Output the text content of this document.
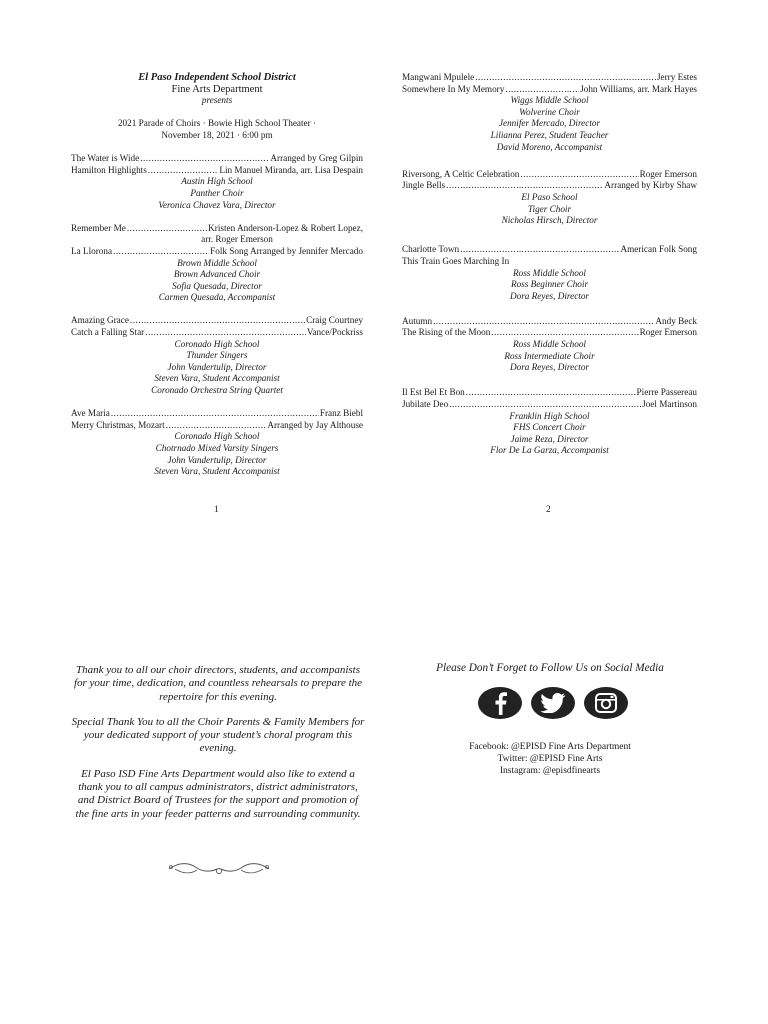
El Paso Independent School District
Fine Arts Department
presents
2021 Parade of Choirs · Bowie High School Theater ·
November 18, 2021 · 6:00 pm
The Water is Wide .....	Arranged by Greg Gilpin
Hamilton Highlights .....	Lin Manuel Miranda, arr. Lisa Despain
Austin High School
Panther Choir
Veronica Chavez Vara, Director
Remember Me .....	Kristen Anderson-Lopez & Robert Lopez,
arr. Roger Emerson
La Llorona .....	Folk Song Arranged by Jennifer Mercado
Brown Middle School
Brown Advanced Choir
Sofia Quesada, Director
Carmen Quesada, Accompanist
Amazing Grace .....	Craig Courtney
Catch a Falling Star .....	Vance/Pockriss
Coronado High School
Thunder Singers
John Vandertulip, Director
Steven Vara, Student Accompanist
Coronado Orchestra String Quartet
Ave Maria .....	Franz Biebl
Merry Christmas, Mozart .....	Arranged by Jay Althouse
Coronado High School
Chotrnado Mixed Varsity Singers
John Vandertulip, Director
Steven Vara, Student Accompanist
1
Mangwani Mpulele .....	Jerry Estes
Somewhere In My Memory .....	John Williams, arr. Mark Hayes
Wiggs Middle School
Wolverine Choir
Jennifer Mercado, Director
Lilianna Perez, Student Teacher
David Moreno, Accompanist
Riversong, A Celtic Celebration .....	Roger Emerson
Jingle Bells .....	Arranged by Kirby Shaw
El Paso School
Tiger Choir
Nicholas Hirsch, Director
Charlotte Town .....	American Folk Song
This Train Goes Marching In
Ross Middle School
Ross Beginner Choir
Dora Reyes, Director
Autumn .....	Andy Beck
The Rising of the Moon .....	Roger Emerson
Ross Middle School
Ross Intermediate Choir
Dora Reyes, Director
Il Est Bel Et Bon .....	Pierre Passereau
Jubilate Deo .....	Joel Martinson
Franklin High School
FHS Concert Choir
Jaime Reza, Director
Flor De La Garza, Accompanist
2

Thank you to all our choir directors, students, and accompanists for your time, dedication, and countless rehearsals to prepare the repertoire for this evening.

Special Thank You to all the Choir Parents & Family Members for your dedicated support of your student’s choral program this evening.

El Paso ISD Fine Arts Department would also like to extend a thank you to all campus administrators, district administrators, and District Board of Trustees for the support and promotion of the fine arts in your feeder patterns and surrounding community.

Please Don’t Forget to Follow Us on Social Media
Facebook: @EPISD Fine Arts Department
Twitter: @EPISD Fine Arts
Instagram: @episdfinearts
